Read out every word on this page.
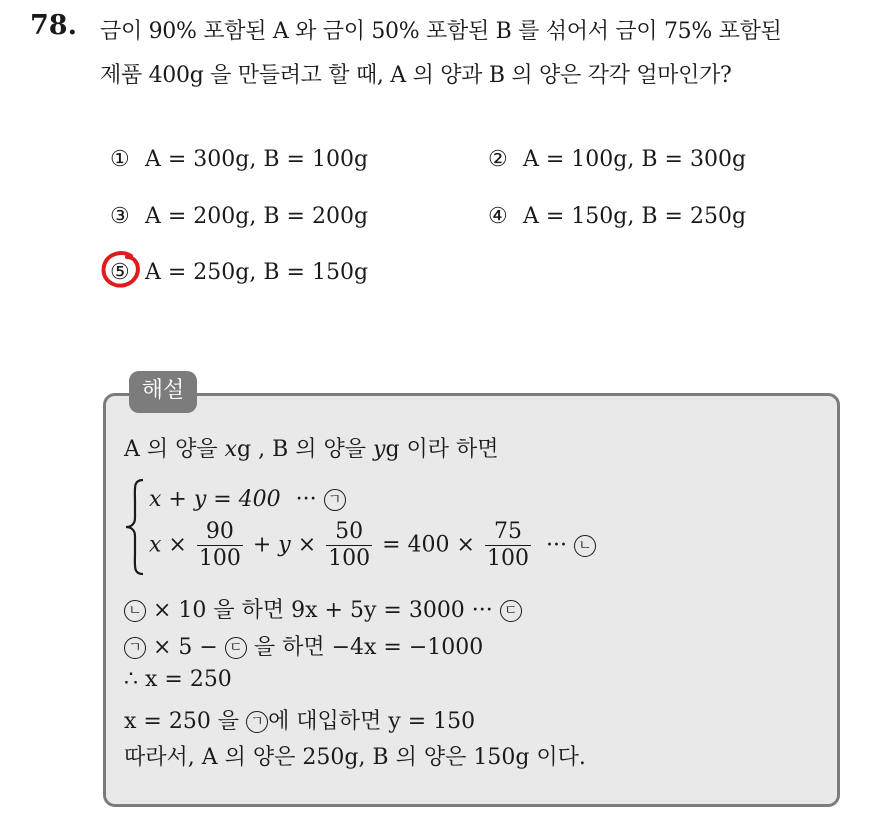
78. 금이 90% 포함된 A 와 금이 50% 포함된 B 를 섞어서 금이 75% 포함된
제품 400g 을 만들려고 할 때, A 의 양과 B 의 양은 각각 얼마인가?
① A = 300g, B = 100g	② A = 100g, B = 300g
③ A = 200g, B = 200g	④ A = 150g, B = 250g
⑤ A = 250g, B = 150g
해설
A 의 양을 xg , B 의 양을 yg 이라 하면
x + y = 400 ··· ㄱ
$x \times \frac{90}{100} + y \times \frac{50}{100} = 400 \times \frac{75}{100}$ ··· ㄴ
ㄴ × 10 을 하면 9x + 5y = 3000 ··· ㄷ
ㄱ × 5 − ㄷ 을 하면 −4x = −1000
∴ x = 250
x = 250 을 ㄱ 에 대입하면 y = 150
따라서, A 의 양은 250g, B 의 양은 150g 이다.
